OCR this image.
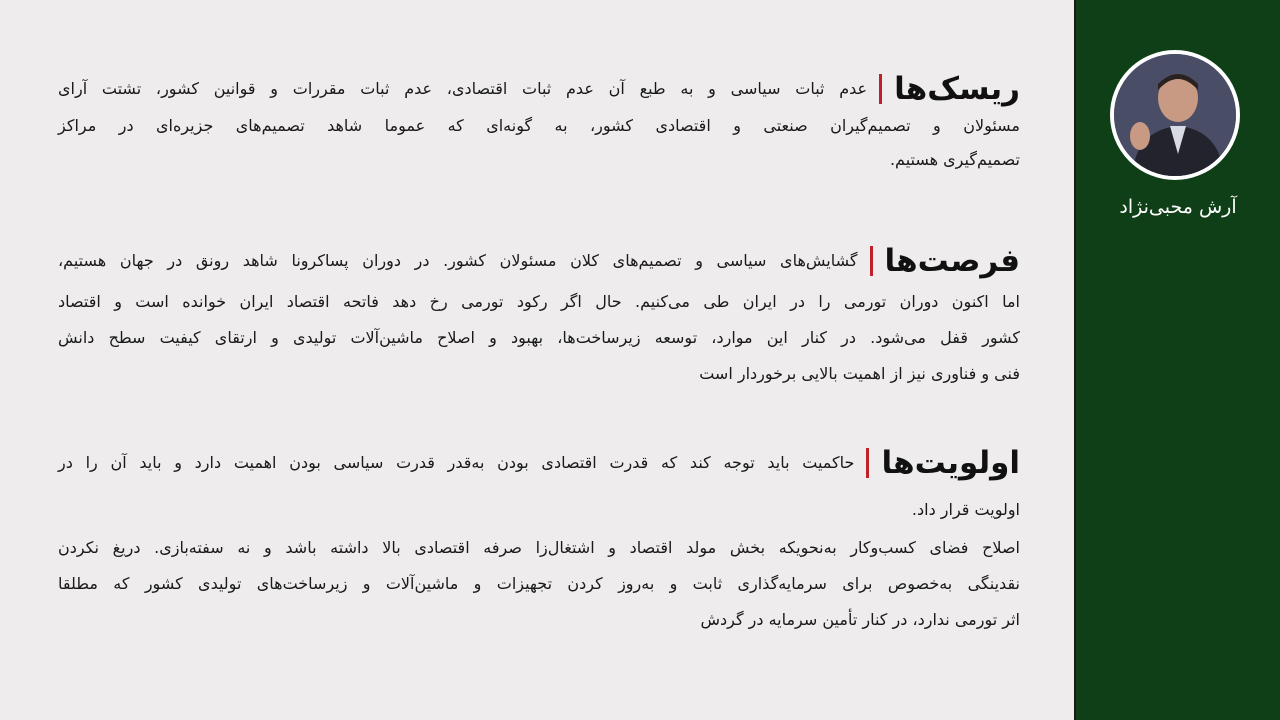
ریسک‌ها

عدم ثبات سیاسی و به طبع آن عدم ثبات اقتصادی، عدم ثبات مقررات و قوانین کشور، تشتت آرای

مسئولان و تصمیم‌گیران صنعتی و اقتصادی کشور، به گونه‌ای که عموما شاهد تصمیم‌های جزیره‌ای در مراکز

تصمیم‌گیری هستیم.

فرصت‌ها

گشایش‌های سیاسی و تصمیم‌های کلان مسئولان کشور. در دوران پساکرونا شاهد رونق در جهان هستیم،

اما اکنون دوران تورمی را در ایران طی می‌کنیم. حال اگر رکود تورمی رخ دهد فاتحه اقتصاد ایران خوانده است و اقتصاد

کشور قفل می‌شود. در کنار این موارد، توسعه زیرساخت‌ها، بهبود و اصلاح ماشین‌آلات تولیدی و ارتقای کیفیت سطح دانش

فنی و فناوری نیز از اهمیت بالایی برخوردار است

اولویت‌ها

حاکمیت باید توجه کند که قدرت اقتصادی بودن به‌قدر قدرت سیاسی بودن اهمیت دارد و باید آن را در

اولویت قرار داد.

اصلاح فضای کسب‌وکار به‌نحویکه بخش مولد اقتصاد و اشتغال‌زا صرفه اقتصادی بالا داشته باشد و نه سفته‌بازی. دریغ نکردن

نقدینگی به‌خصوص برای سرمایه‌گذاری ثابت و به‌روز کردن تجهیزات و ماشین‌آلات و زیرساخت‌های تولیدی کشور که مطلقا

اثر تورمی ندارد، در کنار تأمین سرمایه در گردش

آرش محبی‌نژاد
